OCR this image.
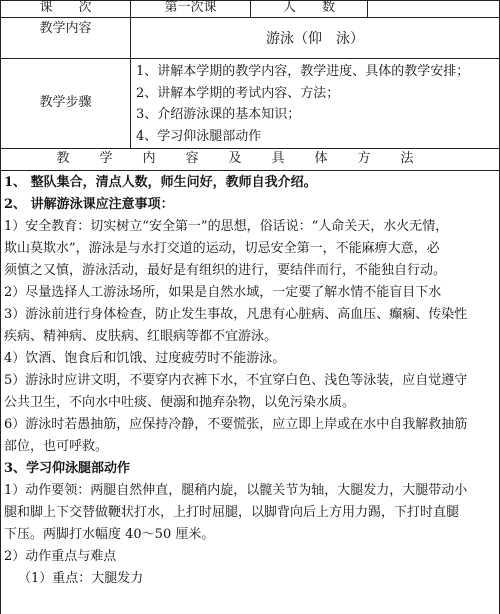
课　　次	第一次课	人　　数
教学内容
游泳（仰　泳）
教学步骤

1、讲解本学期的教学内容，教学进度、具体的教学安排；

2、讲解本学期的考试内容、方法；

3、介绍游泳课的基本知识；

4、学习仰泳腿部动作

教学内容及具体方法

1、 整队集合，清点人数，师生问好，教师自我介绍。

2、 讲解游泳课应注意事项：

1）安全教育：切实树立“安全第一”的思想，俗话说：“人命关天，水火无情，

欺山莫欺水”，游泳是与水打交道的运动，切忌安全第一，不能麻痹大意，必

须慎之又慎，游泳活动，最好是有组织的进行，要结伴而行，不能独自行动。

2）尽量选择人工游泳场所，如果是自然水域，一定要了解水情不能盲目下水

3）游泳前进行身体检查，防止发生事故，凡患有心脏病、高血压、癫痫、传染性

疾病、精神病、皮肤病、红眼病等都不宜游泳。

4）饮酒、饱食后和饥饿、过度疲劳时不能游泳。

5）游泳时应讲文明，不要穿内衣裤下水，不宜穿白色、浅色等泳装，应自觉遵守

公共卫生，不向水中吐痰、便溺和抛弃杂物，以免污染水质。

6）游泳时若愚抽筋，应保持冷静，不要慌张，应立即上岸或在水中自我解救抽筋

部位，也可呼救。

3、学习仰泳腿部动作

1）动作要领：两腿自然伸直，腿稍内旋，以髋关节为轴，大腿发力，大腿带动小

腿和脚上下交替做鞭状打水，上打时屈腿，以脚背向后上方用力踢，下打时直腿

下压。两脚打水幅度 40～50 厘米。

2）动作重点与难点

（1）重点：大腿发力
